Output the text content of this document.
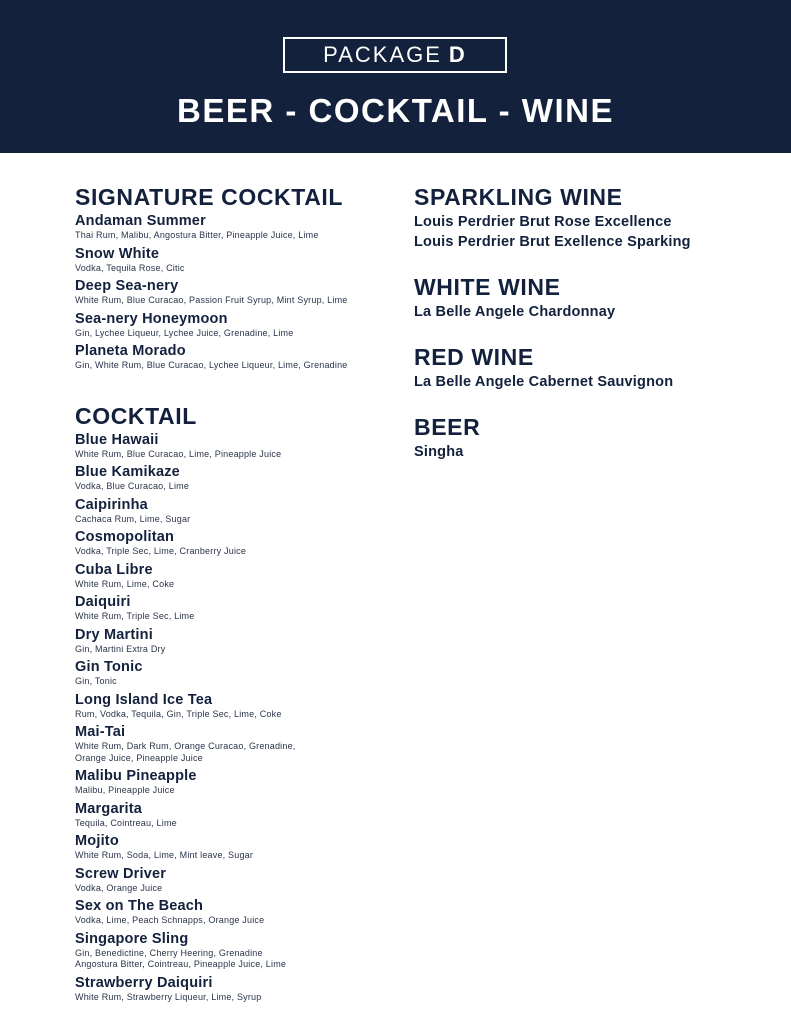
PACKAGE D
BEER - COCKTAIL - WINE
SIGNATURE COCKTAIL
Andaman Summer
Thai Rum, Malibu, Angostura Bitter, Pineapple Juice, Lime
Snow White
Vodka, Tequila Rose, Citic
Deep Sea-nery
White Rum, Blue Curacao, Passion Fruit Syrup, Mint Syrup, Lime
Sea-nery Honeymoon
Gin, Lychee Liqueur, Lychee Juice, Grenadine, Lime
Planeta Morado
Gin, White Rum, Blue Curacao, Lychee Liqueur, Lime, Grenadine
COCKTAIL
Blue Hawaii
White Rum, Blue Curacao, Lime, Pineapple Juice
Blue Kamikaze
Vodka, Blue Curacao, Lime
Caipirinha
Cachaca Rum, Lime, Sugar
Cosmopolitan
Vodka, Triple Sec, Lime, Cranberry Juice
Cuba Libre
White Rum, Lime, Coke
Daiquiri
White Rum, Triple Sec, Lime
Dry Martini
Gin, Martini Extra Dry
Gin Tonic
Gin, Tonic
Long Island Ice Tea
Rum, Vodka, Tequila, Gin, Triple Sec, Lime, Coke
Mai-Tai
White Rum, Dark Rum, Orange Curacao, Grenadine,
Orange Juice, Pineapple Juice
Malibu Pineapple
Malibu, Pineapple Juice
Margarita
Tequila, Cointreau, Lime
Mojito
White Rum, Soda, Lime, Mint leave, Sugar
Screw Driver
Vodka, Orange Juice
Sex on The Beach
Vodka, Lime, Peach Schnapps, Orange Juice
Singapore Sling
Gin, Benedictine, Cherry Heering, Grenadine
Angostura Bitter, Cointreau, Pineapple Juice, Lime
Strawberry Daiquiri
White Rum, Strawberry Liqueur, Lime, Syrup
SPARKLING WINE
Louis Perdrier Brut Rose Excellence
Louis Perdrier Brut Exellence Sparking
WHITE WINE
La Belle Angele Chardonnay
RED WINE
La Belle Angele Cabernet Sauvignon
BEER
Singha
